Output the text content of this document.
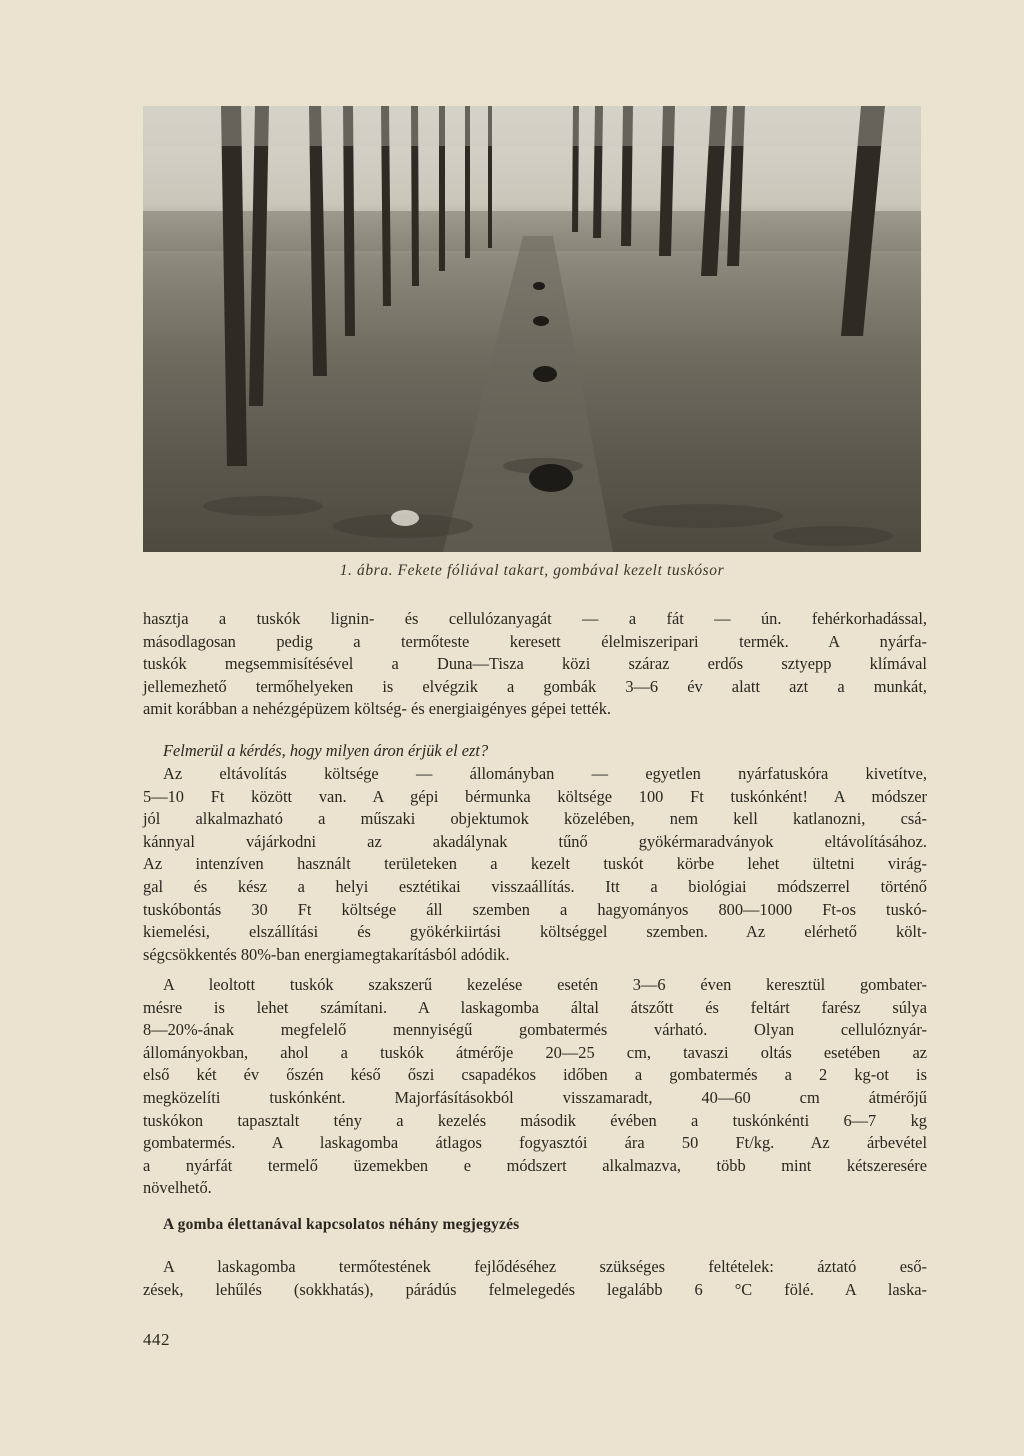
1. ábra. Fekete fóliával takart, gombával kezelt tuskósor
hasztja a tuskók lignin- és cellulózanyagát — a fát — ún. fehérkorhadással,
másodlagosan pedig a termőteste keresett élelmiszeripari termék. A nyárfa-
tuskók megsemmisítésével a Duna—Tisza közi száraz erdős sztyepp klímával
jellemezhető termőhelyeken is elvégzik a gombák 3—6 év alatt azt a munkát,
amit korábban a nehézgépüzem költség- és energiaigényes gépei tették.
Felmerül a kérdés, hogy milyen áron érjük el ezt?
Az eltávolítás költsége — állományban — egyetlen nyárfatuskóra kivetítve,
5—10 Ft között van. A gépi bérmunka költsége 100 Ft tuskónként! A módszer
jól alkalmazható a műszaki objektumok közelében, nem kell katlanozni, csá-
kánnyal vájárkodni az akadálynak tűnő gyökérmaradványok eltávolításához.
Az intenzíven használt területeken a kezelt tuskót körbe lehet ültetni virág-
gal és kész a helyi esztétikai visszaállítás. Itt a biológiai módszerrel történő
tuskóbontás 30 Ft költsége áll szemben a hagyományos 800—1000 Ft-os tuskó-
kiemelési, elszállítási és gyökérkiirtási költséggel szemben. Az elérhető költ-
ségcsökkentés 80%-ban energiamegtakarításból adódik.
A leoltott tuskók szakszerű kezelése esetén 3—6 éven keresztül gombater-
mésre is lehet számítani. A laskagomba által átszőtt és feltárt farész súlya
8—20%-ának megfelelő mennyiségű gombatermés várható. Olyan cellulóznyár-
állományokban, ahol a tuskók átmérője 20—25 cm, tavaszi oltás esetében az
első két év őszén késő őszi csapadékos időben a gombatermés a 2 kg-ot is
megközelíti tuskónként. Majorfásításokból visszamaradt, 40—60 cm átmérőjű
tuskókon tapasztalt tény a kezelés második évében a tuskónkénti 6—7 kg
gombatermés. A laskagomba átlagos fogyasztói ára 50 Ft/kg. Az árbevétel
a nyárfát termelő üzemekben e módszert alkalmazva, több mint kétszeresére
növelhető.
A gomba élettanával kapcsolatos néhány megjegyzés
A laskagomba termőtestének fejlődéséhez szükséges feltételek: áztató eső-
zések, lehűlés (sokkhatás), párádús felmelegedés legalább 6 °C fölé. A laska-
442
